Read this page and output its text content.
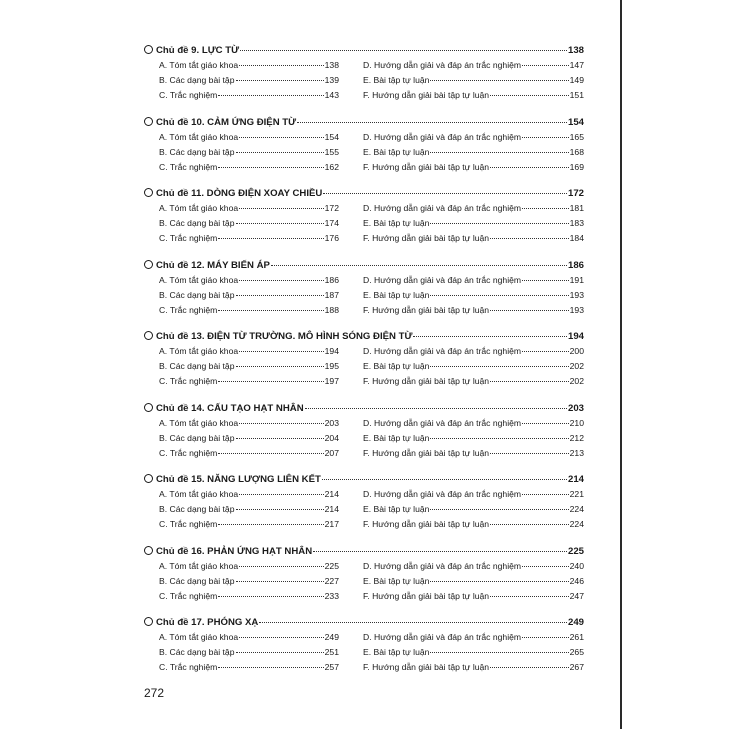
Chủ đề 9. LỰC TỪ	138
A. Tóm tắt giáo khoa	138	D. Hướng dẫn giải và đáp án trắc nghiệm	147
B. Các dạng bài tập	139	E. Bài tập tự luận	149
C. Trắc nghiệm	143	F. Hướng dẫn giải bài tập tự luận	151
Chủ đề 10. CẢM ỨNG ĐIỆN TỪ	154
A. Tóm tắt giáo khoa	154	D. Hướng dẫn giải và đáp án trắc nghiệm	165
B. Các dạng bài tập	155	E. Bài tập tự luận	168
C. Trắc nghiệm	162	F. Hướng dẫn giải bài tập tự luận	169
Chủ đề 11. DÒNG ĐIỆN XOAY CHIỀU	172
A. Tóm tắt giáo khoa	172	D. Hướng dẫn giải và đáp án trắc nghiệm	181
B. Các dạng bài tập	174	E. Bài tập tự luận	183
C. Trắc nghiệm	176	F. Hướng dẫn giải bài tập tự luận	184
Chủ đề 12. MÁY BIẾN ÁP	186
A. Tóm tắt giáo khoa	186	D. Hướng dẫn giải và đáp án trắc nghiệm	191
B. Các dạng bài tập	187	E. Bài tập tự luận	193
C. Trắc nghiệm	188	F. Hướng dẫn giải bài tập tự luận	193
Chủ đề 13. ĐIỆN TỪ TRƯỜNG. MÔ HÌNH SÓNG ĐIỆN TỪ	194
A. Tóm tắt giáo khoa	194	D. Hướng dẫn giải và đáp án trắc nghiệm	200
B. Các dạng bài tập	195	E. Bài tập tự luận	202
C. Trắc nghiệm	197	F. Hướng dẫn giải bài tập tự luận	202
Chủ đề 14. CẤU TẠO HẠT NHÂN	203
A. Tóm tắt giáo khoa	203	D. Hướng dẫn giải và đáp án trắc nghiệm	210
B. Các dạng bài tập	204	E. Bài tập tự luận	212
C. Trắc nghiệm	207	F. Hướng dẫn giải bài tập tự luận	213
Chủ đề 15. NĂNG LƯỢNG LIÊN KẾT	214
A. Tóm tắt giáo khoa	214	D. Hướng dẫn giải và đáp án trắc nghiệm	221
B. Các dạng bài tập	214	E. Bài tập tự luận	224
C. Trắc nghiệm	217	F. Hướng dẫn giải bài tập tự luận	224
Chủ đề 16. PHẢN ỨNG HẠT NHÂN	225
A. Tóm tắt giáo khoa	225	D. Hướng dẫn giải và đáp án trắc nghiệm	240
B. Các dạng bài tập	227	E. Bài tập tự luận	246
C. Trắc nghiệm	233	F. Hướng dẫn giải bài tập tự luận	247
Chủ đề 17. PHÓNG XẠ	249
A. Tóm tắt giáo khoa	249	D. Hướng dẫn giải và đáp án trắc nghiệm	261
B. Các dạng bài tập	251	E. Bài tập tự luận	265
C. Trắc nghiệm	257	F. Hướng dẫn giải bài tập tự luận	267
272
